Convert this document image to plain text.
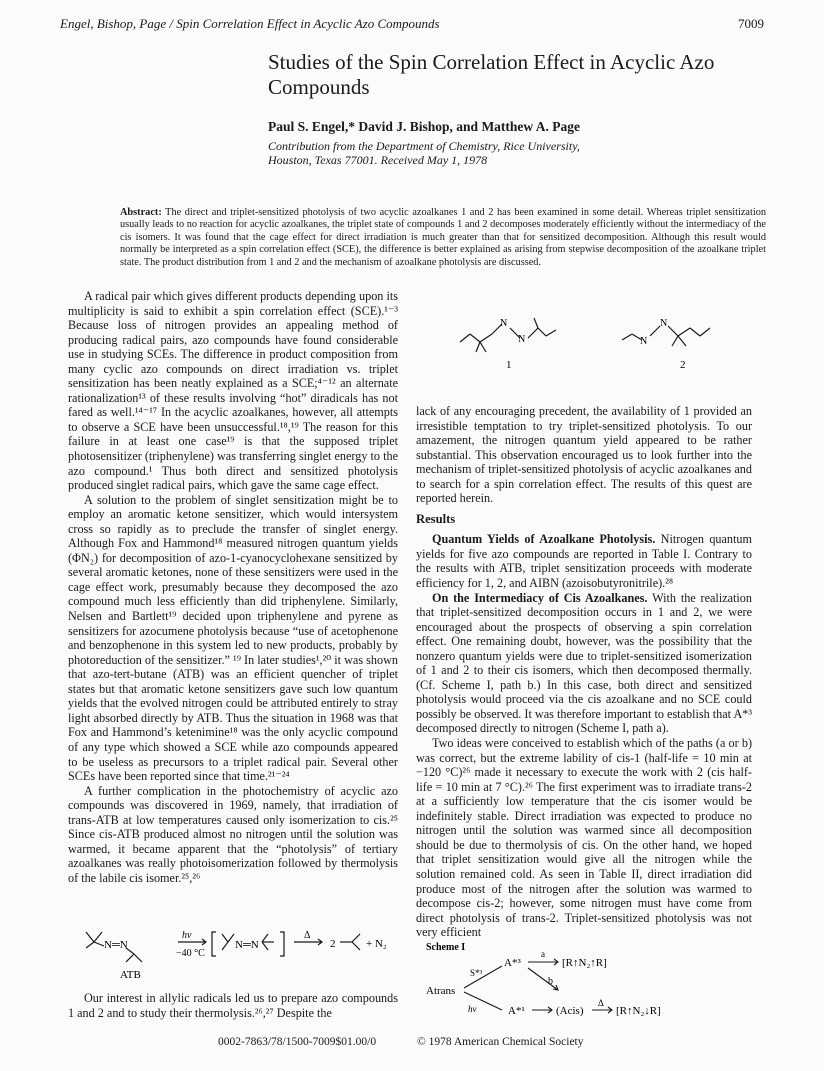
Engel, Bishop, Page / Spin Correlation Effect in Acyclic Azo Compounds	7009
Studies of the Spin Correlation Effect in Acyclic Azo Compounds
Paul S. Engel,* David J. Bishop, and Matthew A. Page
Contribution from the Department of Chemistry, Rice University,
Houston, Texas 77001. Received May 1, 1978
Abstract: The direct and triplet-sensitized photolysis of two acyclic azoalkanes 1 and 2 has been examined in some detail. Whereas triplet sensitization usually leads to no reaction for acyclic azoalkanes, the triplet state of compounds 1 and 2 decomposes moderately efficiently without the intermediacy of the cis isomers. It was found that the cage effect for direct irradiation is much greater than that for sensitized decomposition. Although this result would normally be interpreted as a spin correlation effect (SCE), the difference is better explained as arising from stepwise decomposition of the azoalkane triplet state. The product distribution from 1 and 2 and the mechanism of azoalkane photolysis are discussed.

A radical pair which gives different products depending upon its multiplicity is said to exhibit a spin correlation effect (SCE).¹⁻³ Because loss of nitrogen provides an appealing method of producing radical pairs, azo compounds have found considerable use in studying SCEs. The difference in product composition from many cyclic azo compounds on direct irradiation vs. triplet sensitization has been neatly explained as a SCE;⁴⁻¹² an alternate rationalization¹³ of these results involving “hot” diradicals has not fared as well.¹⁴⁻¹⁷ In the acyclic azoalkanes, however, all attempts to observe a SCE have been unsuccessful.¹⁸,¹⁹ The reason for this failure in at least one case¹⁹ is that the supposed triplet photosensitizer (triphenylene) was transferring singlet energy to the azo compound.¹ Thus both direct and sensitized photolysis produced singlet radical pairs, which gave the same cage effect.

A solution to the problem of singlet sensitization might be to employ an aromatic ketone sensitizer, which would intersystem cross so rapidly as to preclude the transfer of singlet energy. Although Fox and Hammond¹⁸ measured nitrogen quantum yields (ΦN₂) for decomposition of azo-1-cyanocyclohexane sensitized by several aromatic ketones, none of these sensitizers were used in the cage effect work, presumably because they decomposed the azo compound much less efficiently than did triphenylene. Similarly, Nelsen and Bartlett¹⁹ decided upon triphenylene and pyrene as sensitizers for azocumene photolysis because “use of acetophenone and benzophenone in this system led to new products, probably by photoreduction of the sensitizer.” ¹⁹ In later studies¹,²⁰ it was shown that azo-tert-butane (ATB) was an efficient quencher of triplet states but that aromatic ketone sensitizers gave such low quantum yields that the evolved nitrogen could be attributed entirely to stray light absorbed directly by ATB. Thus the situation in 1968 was that Fox and Hammond’s ketenimine¹⁸ was the only acyclic compound of any type which showed a SCE while azo compounds appeared to be useless as precursors to a triplet radical pair. Several other SCEs have been reported since that time.²¹⁻²⁴

A further complication in the photochemistry of acyclic azo compounds was discovered in 1969, namely, that irradiation of trans-ATB at low temperatures caused only isomerization to cis.²⁵ Since cis-ATB produced almost no nitrogen until the solution was warmed, it became apparent that the “photolysis” of tertiary azoalkanes was really photoisomerization followed by thermolysis of the labile cis isomer.²⁵,²⁶

N═N
hν
−40 °C
N═N
Δ
2	+ N₂
ATB

Our interest in allylic radicals led us to prepare azo compounds 1 and 2 and to study their thermolysis.²⁶,²⁷ Despite the

N
N	N
N
1	2

lack of any encouraging precedent, the availability of 1 provided an irresistible temptation to try triplet-sensitized photolysis. To our amazement, the nitrogen quantum yield appeared to be rather substantial. This observation encouraged us to look further into the mechanism of triplet-sensitized photolysis of acyclic azoalkanes and to search for a spin correlation effect. The results of this quest are reported herein.

Results

Quantum Yields of Azoalkane Photolysis. Nitrogen quantum yields for five azo compounds are reported in Table I. Contrary to the results with ATB, triplet sensitization proceeds with moderate efficiency for 1, 2, and AIBN (azoisobutyronitrile).²⁸

On the Intermediacy of Cis Azoalkanes. With the realization that triplet-sensitized decomposition occurs in 1 and 2, we were encouraged about the prospects of observing a spin correlation effect. One remaining doubt, however, was the possibility that the nonzero quantum yields were due to triplet-sensitized isomerization of 1 and 2 to their cis isomers, which then decomposed thermally. (Cf. Scheme I, path b.) In this case, both direct and sensitized photolysis would proceed via the cis azoalkane and no SCE could possibly be observed. It was therefore important to establish that A*³ decomposed directly to nitrogen (Scheme I, path a).

Two ideas were conceived to establish which of the paths (a or b) was correct, but the extreme lability of cis-1 (half-life = 10 min at −120 °C)²⁶ made it necessary to execute the work with 2 (cis half-life = 10 min at 7 °C).²⁶ The first experiment was to irradiate trans-2 at a sufficiently low temperature that the cis isomer would be indefinitely stable. Direct irradiation was expected to produce no nitrogen until the solution was warmed since all decomposition should be due to thermolysis of cis. On the other hand, we hoped that triplet sensitization would give all the nitrogen while the solution remained cold. As seen in Table II, direct irradiation did produce most of the nitrogen after the solution was warmed to decompose cis-2; however, some nitrogen must have come from direct photolysis of trans-2. Triplet-sensitized photolysis was not very efficient

Scheme I
S*³
A*³
a
[R↑N₂↑R]
b
Atrans
hν	A*¹	(Acis)
Δ
[R↑N₂↓R]
0002-7863/78/1500-7009$01.00/0	© 1978 American Chemical Society
